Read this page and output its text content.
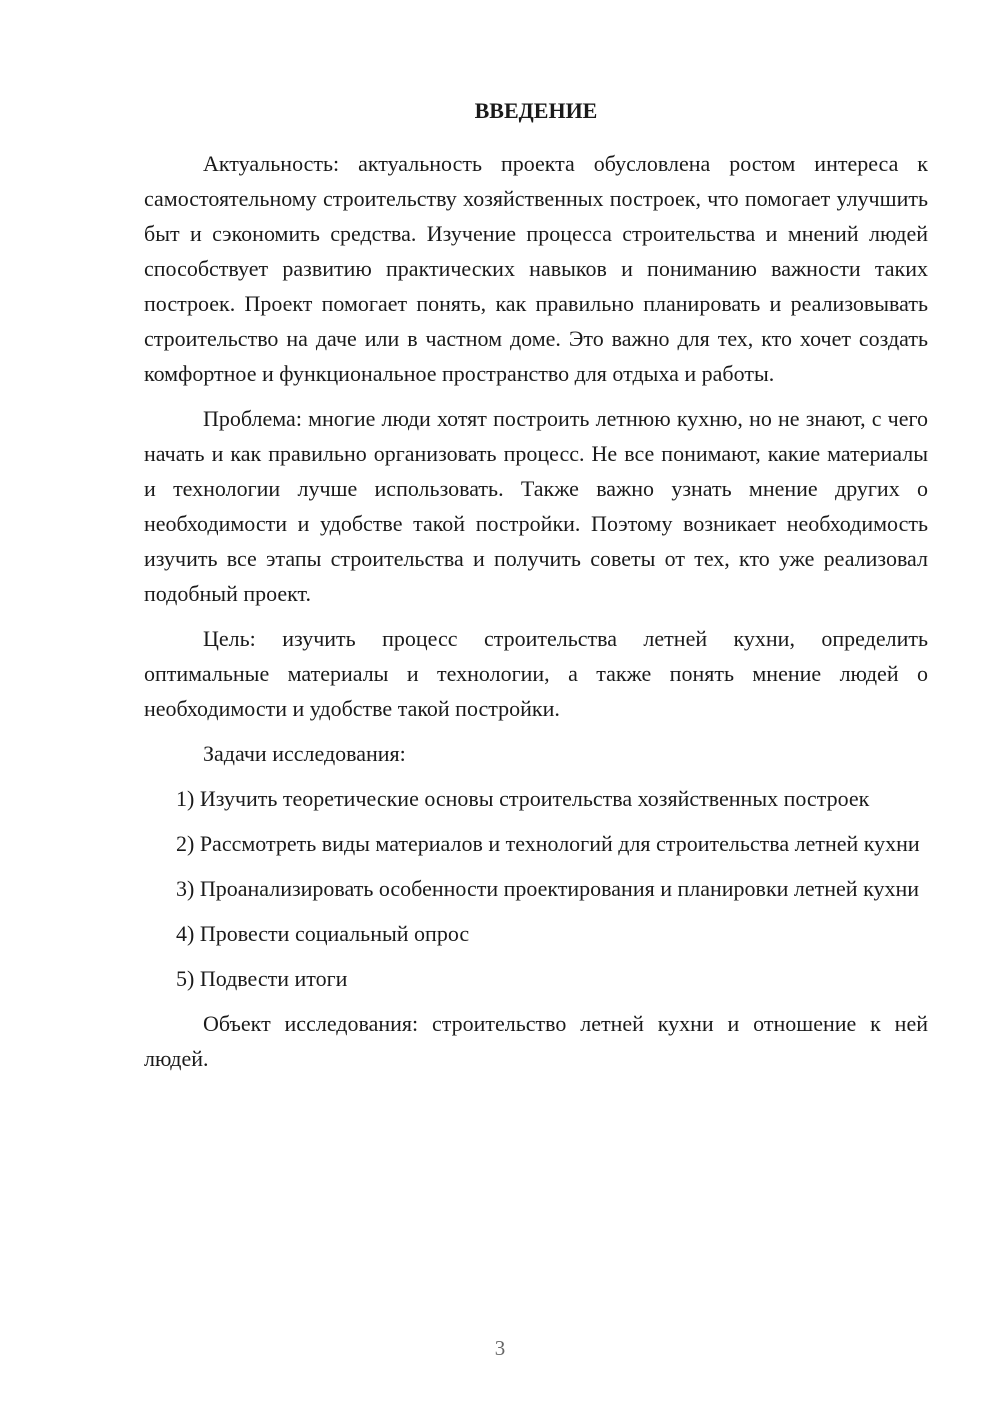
ВВЕДЕНИЕ

Актуальность: актуальность проекта обусловлена ростом интереса к самостоятельному строительству хозяйственных построек, что помогает улучшить быт и сэкономить средства. Изучение процесса строительства и мнений людей способствует развитию практических навыков и пониманию важности таких построек. Проект помогает понять, как правильно планировать и реализовывать строительство на даче или в частном доме. Это важно для тех, кто хочет создать комфортное и функциональное пространство для отдыха и работы.

Проблема: многие люди хотят построить летнюю кухню, но не знают, с чего начать и как правильно организовать процесс. Не все понимают, какие материалы и технологии лучше использовать. Также важно узнать мнение других о необходимости и удобстве такой постройки. Поэтому возникает необходимость изучить все этапы строительства и получить советы от тех, кто уже реализовал подобный проект.

Цель: изучить процесс строительства летней кухни, определить оптимальные материалы и технологии, а также понять мнение людей о необходимости и удобстве такой постройки.

Задачи исследования:

1) Изучить теоретические основы строительства хозяйственных построек

2) Рассмотреть виды материалов и технологий для строительства летней кухни

3) Проанализировать особенности проектирования и планировки летней кухни

4) Провести социальный опрос

5) Подвести итоги

Объект исследования: строительство летней кухни и отношение к ней людей.

3
